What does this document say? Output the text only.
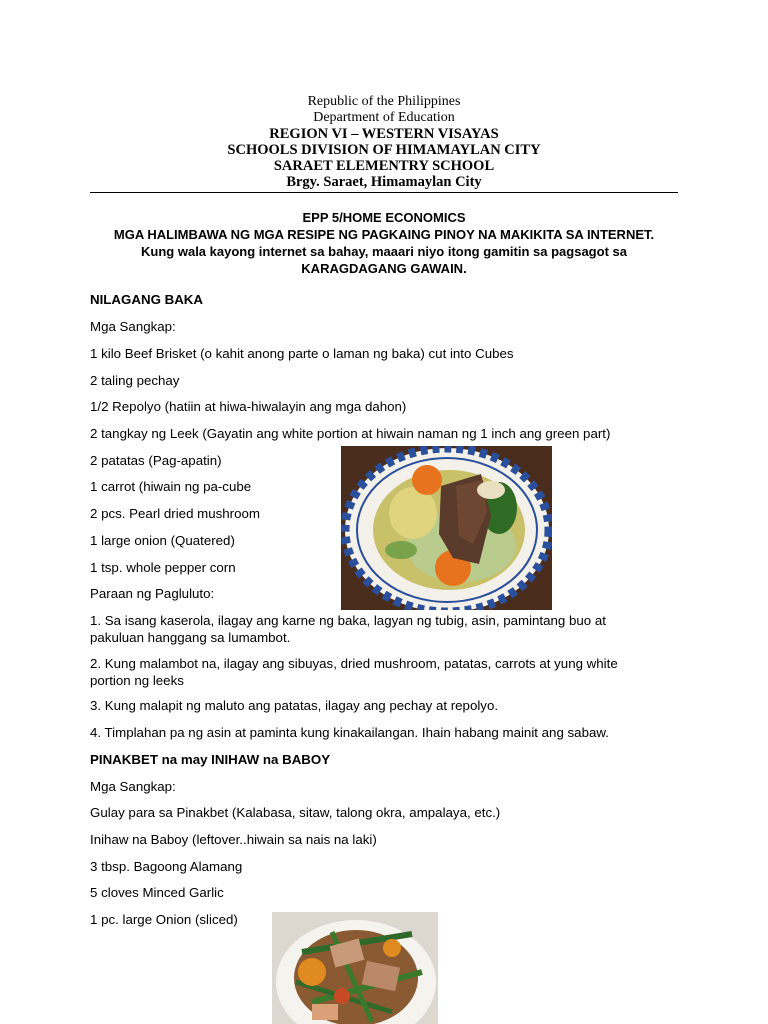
Republic of the Philippines
Department of Education
REGION VI – WESTERN VISAYAS
SCHOOLS DIVISION OF HIMAMAYLAN CITY
SARAET ELEMENTRY SCHOOL
Brgy. Saraet, Himamaylan City
EPP 5/HOME ECONOMICS
MGA HALIMBAWA NG MGA RESIPE NG PAGKAING PINOY NA MAKIKITA SA INTERNET.
Kung wala kayong internet sa bahay, maaari niyo itong gamitin sa pagsagot sa
KARAGDAGANG GAWAIN.
NILAGANG BAKA
Mga Sangkap:
1 kilo Beef Brisket (o kahit anong parte o laman ng baka) cut into Cubes
2 taling pechay
1/2 Repolyo (hatiin at hiwa-hiwalayin ang mga dahon)
2 tangkay ng Leek (Gayatin ang white portion at hiwain naman ng 1 inch ang green part)
2 patatas (Pag-apatin)
1 carrot (hiwain ng pa-cube
2 pcs. Pearl dried mushroom
1 large onion (Quatered)
1 tsp. whole pepper corn
Paraan ng Pagluluto:
1. Sa isang kaserola, ilagay ang karne ng baka, lagyan ng tubig, asin, pamintang buo at pakuluan hanggang sa lumambot.
2. Kung malambot na, ilagay ang sibuyas, dried mushroom, patatas, carrots at yung white portion ng leeks
3. Kung malapit ng maluto ang patatas, ilagay ang pechay at repolyo.
4. Timplahan pa ng asin at paminta kung kinakailangan. Ihain habang mainit ang sabaw.
PINAKBET na may INIHAW na BABOY
Mga Sangkap:
Gulay para sa Pinakbet (Kalabasa, sitaw, talong okra, ampalaya, etc.)
Inihaw na Baboy (leftover..hiwain sa nais na laki)
3 tbsp. Bagoong Alamang
5 cloves Minced Garlic
1 pc. large Onion (sliced)
